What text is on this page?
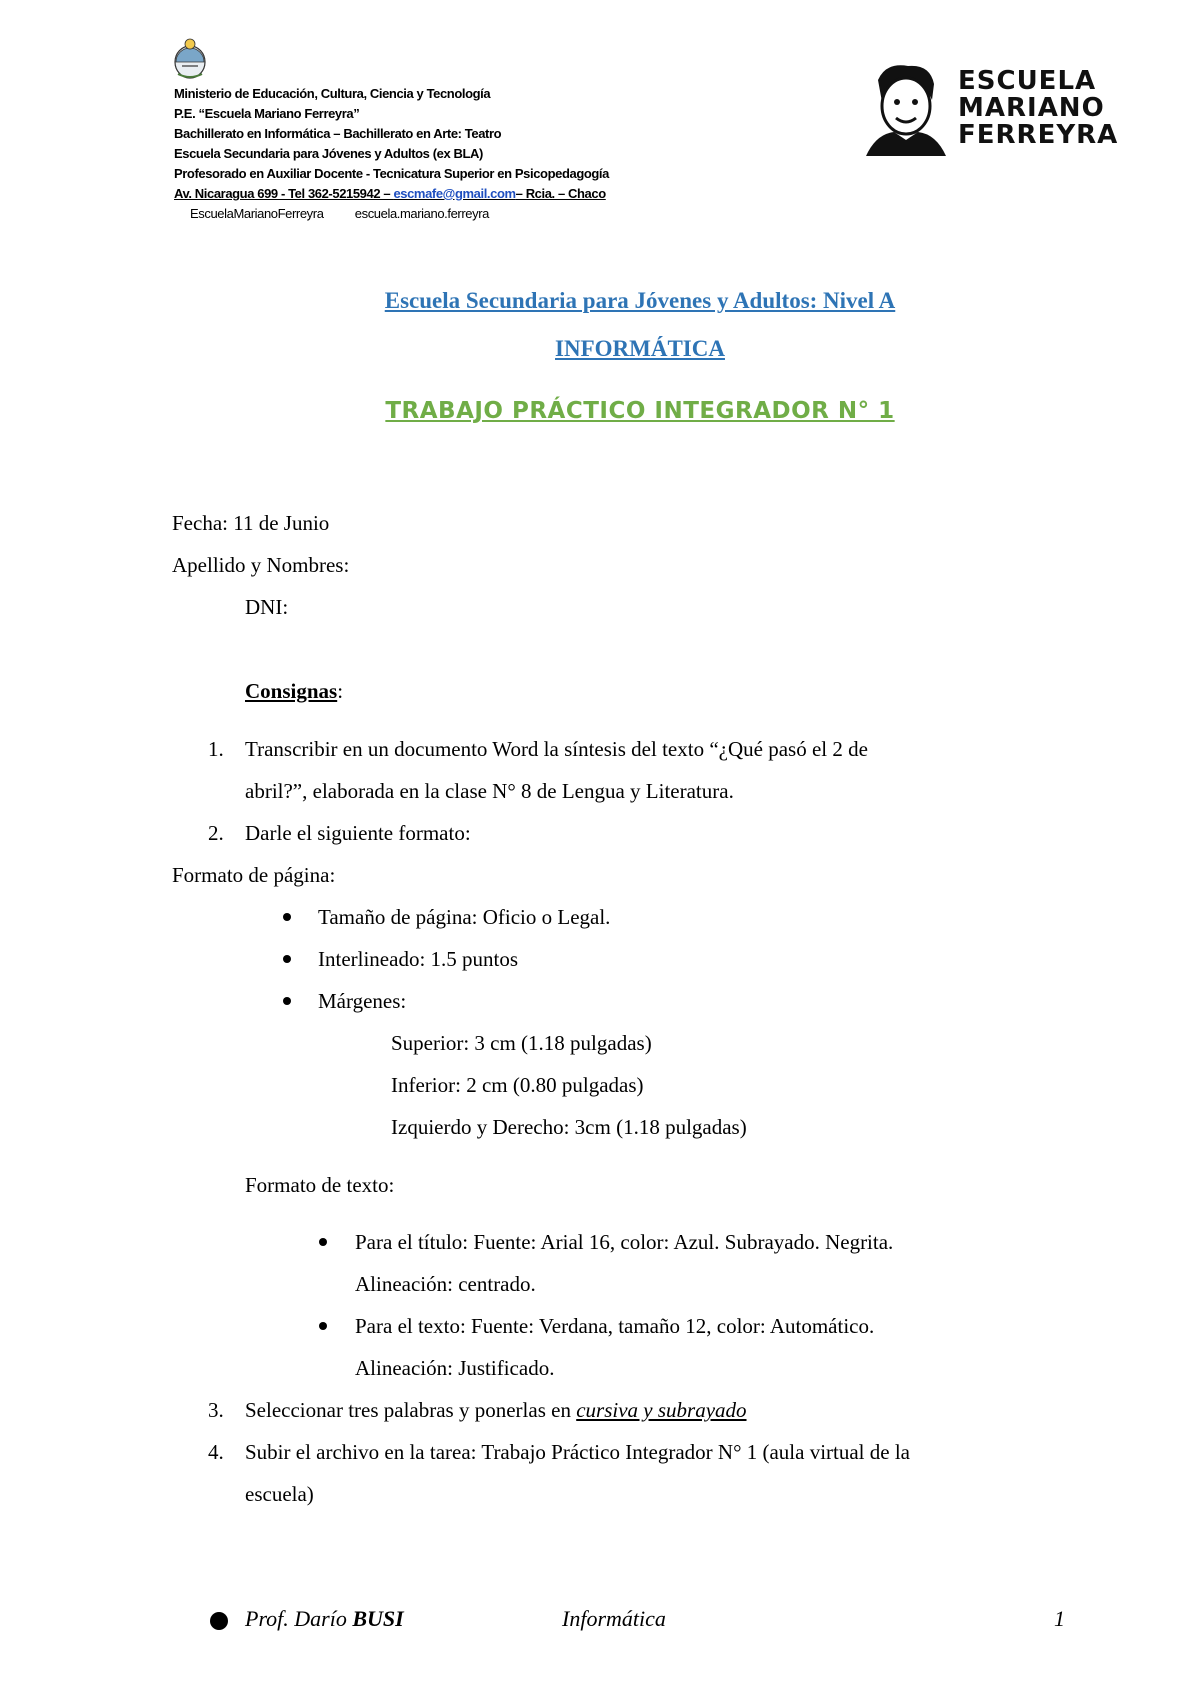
Ministerio de Educación, Cultura, Ciencia y Tecnología
P.E. “Escuela Mariano Ferreyra”
Bachillerato en Informática – Bachillerato en Arte: Teatro
Escuela Secundaria para Jóvenes y Adultos (ex BLA)
Profesorado en Auxiliar Docente - Tecnicatura Superior en Psicopedagogía
Av. Nicaragua 699 - Tel 362-5215942 – escmafe@gmail.com– Rcia. – Chaco
EscuelaMarianoFerreyra escuela.mariano.ferreyra
ESCUELA
MARIANO
FERREYRA
Escuela Secundaria para Jóvenes y Adultos: Nivel A
INFORMÁTICA
TRABAJO PRÁCTICO INTEGRADOR N° 1
Fecha: 11 de Junio
Apellido y Nombres:
DNI:
Consignas:
1. Transcribir en un documento Word la síntesis del texto “¿Qué pasó el 2 de
abril?”, elaborada en la clase N° 8 de Lengua y Literatura.
2. Darle el siguiente formato:
Formato de página:
Tamaño de página: Oficio o Legal.
Interlineado: 1.5 puntos
Márgenes:
Superior: 3 cm (1.18 pulgadas)
Inferior: 2 cm (0.80 pulgadas)
Izquierdo y Derecho: 3cm (1.18 pulgadas)
Formato de texto:
Para el título: Fuente: Arial 16, color: Azul. Subrayado. Negrita.
Alineación: centrado.
Para el texto: Fuente: Verdana, tamaño 12, color: Automático.
Alineación: Justificado.
3. Seleccionar tres palabras y ponerlas en cursiva y subrayado
4. Subir el archivo en la tarea: Trabajo Práctico Integrador N° 1 (aula virtual de la
escuela)
Prof. Darío BUSI	Informática	1
